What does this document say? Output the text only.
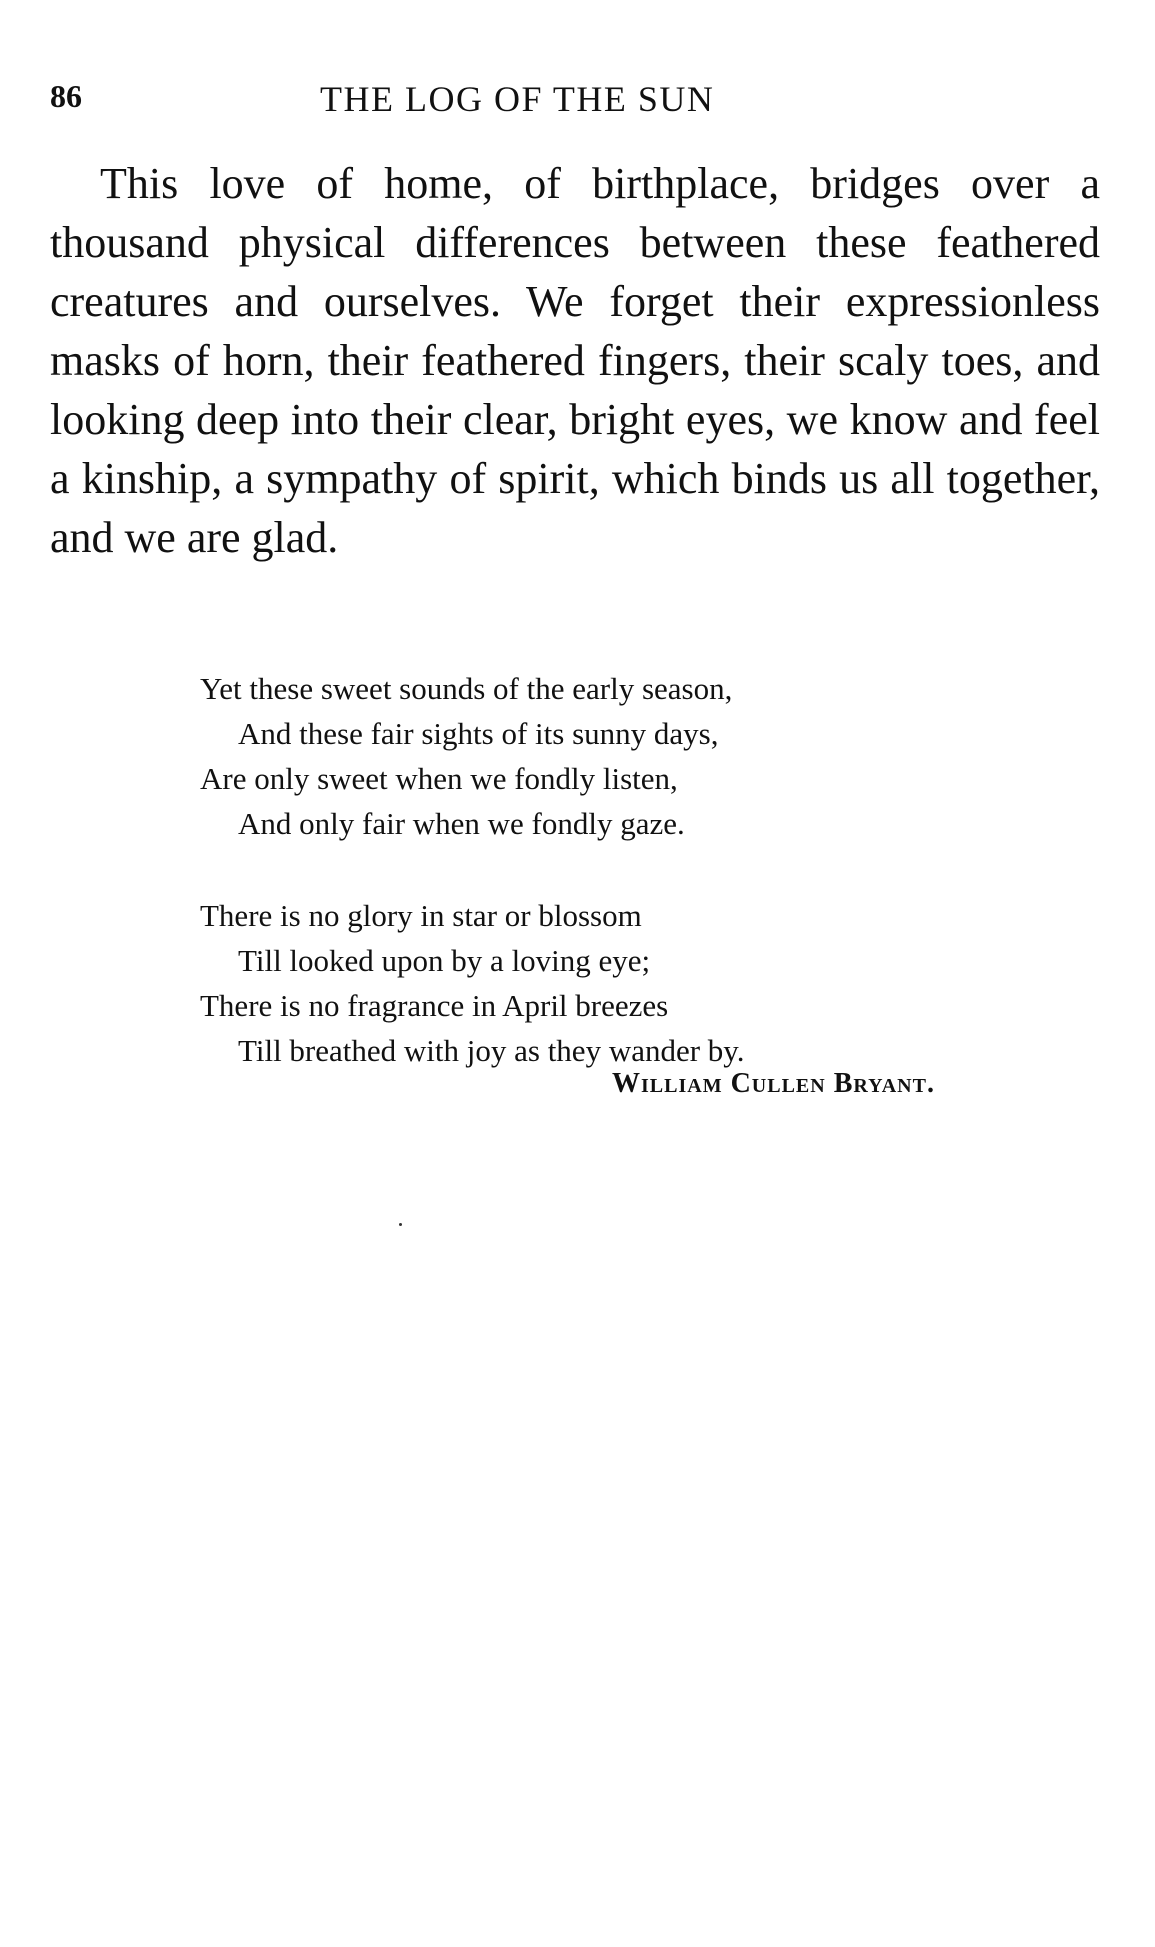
86	THE LOG OF THE SUN

This love of home, of birthplace, bridges over a thousand physical differences between these feathered creatures and ourselves. We forget their expressionless masks of horn, their feathered fingers, their scaly toes, and looking deep into their clear, bright eyes, we know and feel a kinship, a sympathy of spirit, which binds us all together, and we are glad.

Yet these sweet sounds of the early season,
And these fair sights of its sunny days,
Are only sweet when we fondly listen,
And only fair when we fondly gaze.
There is no glory in star or blossom
Till looked upon by a loving eye;
There is no fragrance in April breezes
Till breathed with joy as they wander by.
William Cullen Bryant.
